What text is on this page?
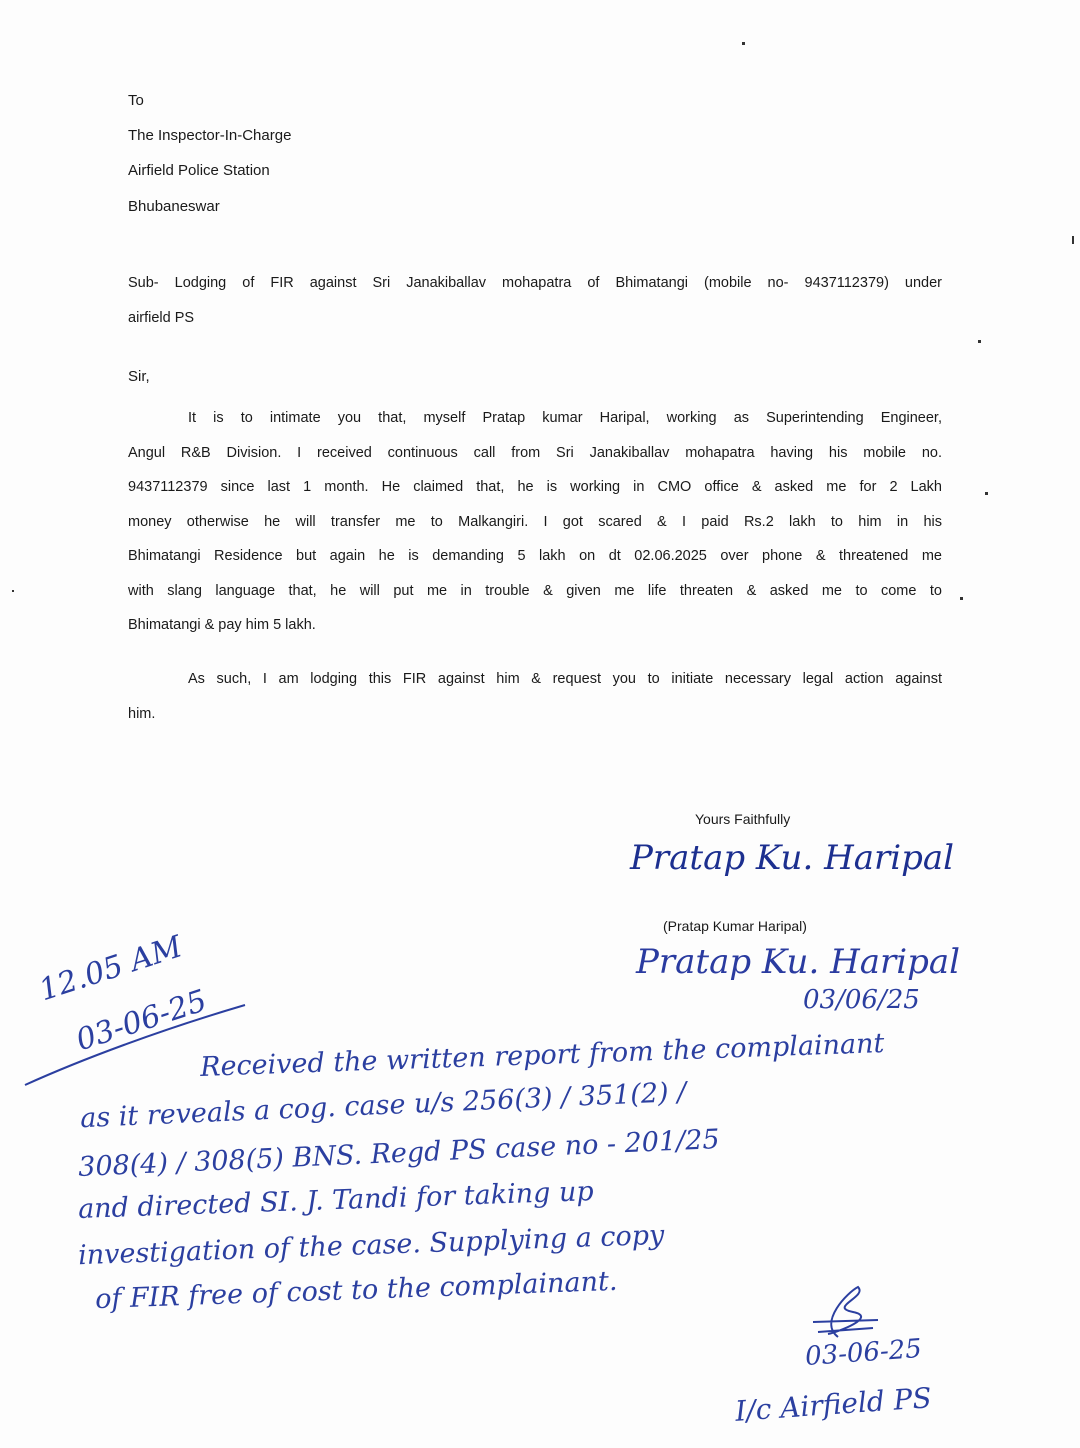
To
The Inspector-In-Charge
Airfield Police Station
Bhubaneswar
Sub- Lodging of FIR against Sri Janakiballav mohapatra of Bhimatangi (mobile no- 9437112379) under
airfield PS
Sir,
It is to intimate you that, myself Pratap kumar Haripal, working as Superintending Engineer,
Angul R&B Division. I received continuous call from Sri Janakiballav mohapatra having his mobile no.
9437112379 since last 1 month. He claimed that, he is working in CMO office & asked me for 2 Lakh
money otherwise he will transfer me to Malkangiri. I got scared & I paid Rs.2 lakh to him in his
Bhimatangi Residence but again he is demanding 5 lakh on dt 02.06.2025 over phone & threatened me
with slang language that, he will put me in trouble & given me life threaten & asked me to come to
Bhimatangi & pay him 5 lakh.
As such, I am lodging this FIR against him & request you to initiate necessary legal action against
him.
Yours Faithfully
Pratap Ku. Haripal
(Pratap Kumar Haripal)
Pratap Ku. Haripal
03/06/25
12.05 AM
03-06-25
Received the written report from the complainant
as it reveals a cog. case u/s 256(3) / 351(2) /
308(4) / 308(5) BNS. Regd PS case no - 201/25
and directed SI. J. Tandi for taking up
investigation of the case. Supplying a copy
of FIR free of cost to the complainant.
03-06-25
I/c Airfield PS
